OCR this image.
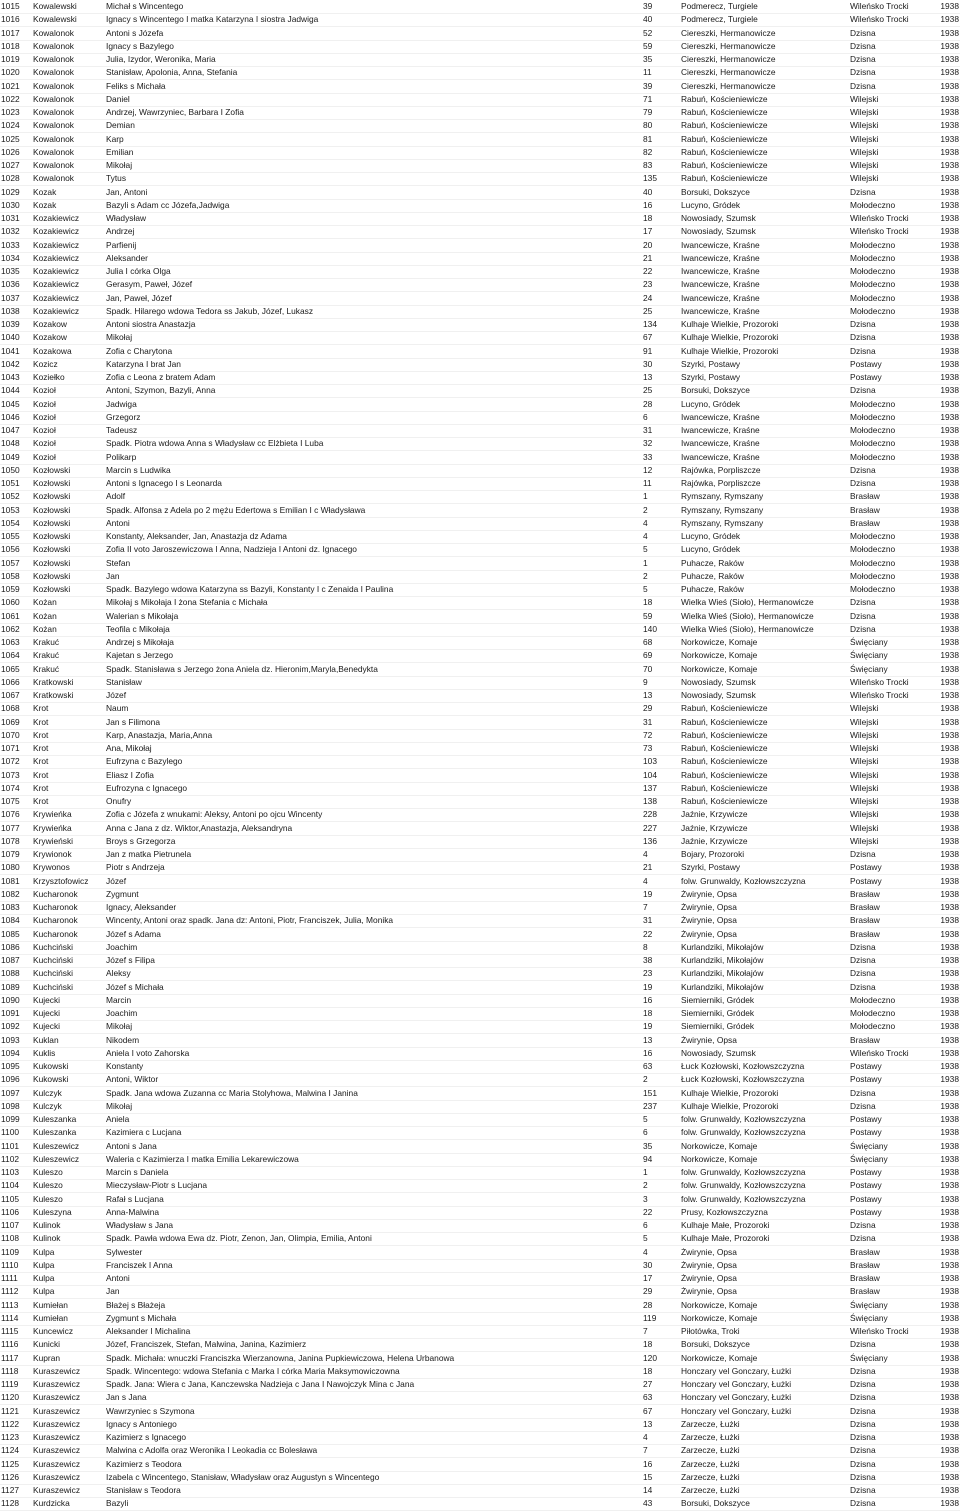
1015	Kowalewski	Michał s Wincentego	39	Podmerecz, Turgiele	Wileńsko Trocki	1938
1016	Kowalewski	Ignacy s Wincentego I matka Katarzyna I siostra Jadwiga	40	Podmerecz, Turgiele	Wileńsko Trocki	1938
1017	Kowalonok	Antoni s Józefa	52	Ciereszki, Hermanowicze	Dzisna	1938
1018	Kowalonok	Ignacy s Bazylego	59	Ciereszki, Hermanowicze	Dzisna	1938
1019	Kowalonok	Julia, Izydor, Weronika, Maria	35	Ciereszki, Hermanowicze	Dzisna	1938
1020	Kowalonok	Stanisław, Apolonia, Anna, Stefania	11	Ciereszki, Hermanowicze	Dzisna	1938
1021	Kowalonok	Feliks s Michała	39	Ciereszki, Hermanowicze	Dzisna	1938
1022	Kowalonok	Daniel	71	Rabuń, Kościeniewicze	Wilejski	1938
1023	Kowalonok	Andrzej, Wawrzyniec, Barbara I Zofia	79	Rabuń, Kościeniewicze	Wilejski	1938
1024	Kowalonok	Demian	80	Rabuń, Kościeniewicze	Wilejski	1938
1025	Kowalonok	Karp	81	Rabuń, Kościeniewicze	Wilejski	1938
1026	Kowalonok	Emilian	82	Rabuń, Kościeniewicze	Wilejski	1938
1027	Kowalonok	Mikołaj	83	Rabuń, Kościeniewicze	Wilejski	1938
1028	Kowalonok	Tytus	135	Rabuń, Kościeniewicze	Wilejski	1938
1029	Kozak	Jan, Antoni	40	Borsuki, Dokszyce	Dzisna	1938
1030	Kozak	Bazyli s Adam cc Józefa,Jadwiga	16	Lucyno, Gródek	Mołodeczno	1938
1031	Kozakiewicz	Władysław	18	Nowosiady, Szumsk	Wileńsko Trocki	1938
1032	Kozakiewicz	Andrzej	17	Nowosiady, Szumsk	Wileńsko Trocki	1938
1033	Kozakiewicz	Parfienij	20	Iwancewicze, Kraśne	Mołodeczno	1938
1034	Kozakiewicz	Aleksander	21	Iwancewicze, Kraśne	Mołodeczno	1938
1035	Kozakiewicz	Julia I córka Olga	22	Iwancewicze, Kraśne	Mołodeczno	1938
1036	Kozakiewicz	Gerasym, Paweł, Józef	23	Iwancewicze, Kraśne	Mołodeczno	1938
1037	Kozakiewicz	Jan, Paweł, Józef	24	Iwancewicze, Kraśne	Mołodeczno	1938
1038	Kozakiewicz	Spadk. Hilarego wdowa Tedora ss Jakub, Józef, Lukasz	25	Iwancewicze, Kraśne	Mołodeczno	1938
1039	Kozakow	Antoni siostra Anastazja	134	Kulhaje Wielkie, Prozoroki	Dzisna	1938
1040	Kozakow	Mikołaj	67	Kulhaje Wielkie, Prozoroki	Dzisna	1938
1041	Kozakowa	Zofia c Charytona	91	Kulhaje Wielkie, Prozoroki	Dzisna	1938
1042	Kozicz	Katarzyna I brat Jan	30	Szyrki, Postawy	Postawy	1938
1043	Koziełko	Zofia c Leona z bratem Adam	13	Szyrki, Postawy	Postawy	1938
1044	Kozioł	Antoni, Szymon, Bazyli, Anna	25	Borsuki, Dokszyce	Dzisna	1938
1045	Kozioł	Jadwiga	28	Lucyno, Gródek	Mołodeczno	1938
1046	Kozioł	Grzegorz	6	Iwancewicze, Kraśne	Mołodeczno	1938
1047	Kozioł	Tadeusz	31	Iwancewicze, Kraśne	Mołodeczno	1938
1048	Kozioł	Spadk. Piotra wdowa Anna s Władysław cc Elżbieta I Luba	32	Iwancewicze, Kraśne	Mołodeczno	1938
1049	Kozioł	Polikarp	33	Iwancewicze, Kraśne	Mołodeczno	1938
1050	Kozłowski	Marcin s Ludwika	12	Rajówka, Porpliszcze	Dzisna	1938
1051	Kozłowski	Antoni s Ignacego I s Leonarda	11	Rajówka, Porpliszcze	Dzisna	1938
1052	Kozłowski	Adolf	1	Rymszany, Rymszany	Brasław	1938
1053	Kozłowski	Spadk. Alfonsa z Adela po 2 mężu Edertowa s Emilian I c Władysława	2	Rymszany, Rymszany	Brasław	1938
1054	Kozłowski	Antoni	4	Rymszany, Rymszany	Brasław	1938
1055	Kozłowski	Konstanty, Aleksander, Jan, Anastazja dz Adama	4	Lucyno, Gródek	Mołodeczno	1938
1056	Kozłowski	Zofia II voto Jaroszewiczowa I Anna, Nadzieja I Antoni dz. Ignacego	5	Lucyno, Gródek	Mołodeczno	1938
1057	Kozłowski	Stefan	1	Puhacze, Raków	Mołodeczno	1938
1058	Kozłowski	Jan	2	Puhacze, Raków	Mołodeczno	1938
1059	Kozłowski	Spadk. Bazylego wdowa Katarzyna ss Bazyli, Konstanty I c Zenaida I Paulina	5	Puhacze, Raków	Mołodeczno	1938
1060	Kożan	Mikołaj s Mikołaja I żona Stefania c Michała	18	Wielka Wieś (Sioło), Hermanowicze	Dzisna	1938
1061	Kożan	Walerian s Mikołaja	59	Wielka Wieś (Sioło), Hermanowicze	Dzisna	1938
1062	Kożan	Teofila c Mikołaja	140	Wielka Wieś (Sioło), Hermanowicze	Dzisna	1938
1063	Krakuć	Andrzej s Mikołaja	68	Norkowicze, Komaje	Święciany	1938
1064	Krakuć	Kajetan s Jerzego	69	Norkowicze, Komaje	Święciany	1938
1065	Krakuć	Spadk. Stanisława s Jerzego żona Aniela dz. Hieronim,Maryla,Benedykta	70	Norkowicze, Komaje	Święciany	1938
1066	Kratkowski	Stanisław	9	Nowosiady, Szumsk	Wileńsko Trocki	1938
1067	Kratkowski	Józef	13	Nowosiady, Szumsk	Wileńsko Trocki	1938
1068	Krot	Naum	29	Rabuń, Kościeniewicze	Wilejski	1938
1069	Krot	Jan s Filimona	31	Rabuń, Kościeniewicze	Wilejski	1938
1070	Krot	Karp, Anastazja, Maria,Anna	72	Rabuń, Kościeniewicze	Wilejski	1938
1071	Krot	Ana, Mikołaj	73	Rabuń, Kościeniewicze	Wilejski	1938
1072	Krot	Eufrzyna c Bazylego	103	Rabuń, Kościeniewicze	Wilejski	1938
1073	Krot	Eliasz I Zofia	104	Rabuń, Kościeniewicze	Wilejski	1938
1074	Krot	Eufrozyna c Ignacego	137	Rabuń, Kościeniewicze	Wilejski	1938
1075	Krot	Onufry	138	Rabuń, Kościeniewicze	Wilejski	1938
1076	Krywieńka	Zofia c Józefa z wnukami: Aleksy, Antoni po ojcu Wincenty	228	Jaźnie, Krzywicze	Wilejski	1938
1077	Krywieńka	Anna c Jana z dz. Wiktor,Anastazja, Aleksandryna	227	Jaźnie, Krzywicze	Wilejski	1938
1078	Krywieński	Broys s Grzegorza	136	Jaźnie, Krzywicze	Wilejski	1938
1079	Krywionok	Jan z matka Pietrunela	4	Bojary, Prozoroki	Dzisna	1938
1080	Krywonos	Piotr s Andrzeja	21	Szyrki, Postawy	Postawy	1938
1081	Krzysztofowicz	Józef	4	folw. Grunwaldy, Kozłowszczyzna	Postawy	1938
1082	Kucharonok	Zygmunt	19	Żwirynie, Opsa	Brasław	1938
1083	Kucharonok	Ignacy, Aleksander	7	Żwirynie, Opsa	Brasław	1938
1084	Kucharonok	Wincenty, Antoni oraz spadk. Jana dz: Antoni, Piotr, Franciszek, Julia, Monika	31	Żwirynie, Opsa	Brasław	1938
1085	Kucharonok	Józef s Adama	22	Żwirynie, Opsa	Brasław	1938
1086	Kuchciński	Joachim	8	Kurlandziki, Mikołajów	Dzisna	1938
1087	Kuchciński	Józef s Filipa	38	Kurlandziki, Mikołajów	Dzisna	1938
1088	Kuchciński	Aleksy	23	Kurlandziki, Mikołajów	Dzisna	1938
1089	Kuchciński	Józef s Michała	19	Kurlandziki, Mikołajów	Dzisna	1938
1090	Kujecki	Marcin	16	Siemierniki, Gródek	Mołodeczno	1938
1091	Kujecki	Joachim	18	Siemierniki, Gródek	Mołodeczno	1938
1092	Kujecki	Mikołaj	19	Siemierniki, Gródek	Mołodeczno	1938
1093	Kuklan	Nikodem	13	Żwirynie, Opsa	Brasław	1938
1094	Kuklis	Aniela I voto Zahorska	16	Nowosiady, Szumsk	Wileńsko Trocki	1938
1095	Kukowski	Konstanty	63	Łuck Kozłowski, Kozłowszczyzna	Postawy	1938
1096	Kukowski	Antoni, Wiktor	2	Łuck Kozłowski, Kozłowszczyzna	Postawy	1938
1097	Kulczyk	Spadk. Jana wdowa Zuzanna cc Maria Stolyhowa, Malwina I Janina	151	Kulhaje Wielkie, Prozoroki	Dzisna	1938
1098	Kulczyk	Mikołaj	237	Kulhaje Wielkie, Prozoroki	Dzisna	1938
1099	Kuleszanka	Aniela	5	folw. Grunwaldy, Kozłowszczyzna	Postawy	1938
1100	Kuleszanka	Kazimiera c Lucjana	6	folw. Grunwaldy, Kozłowszczyzna	Postawy	1938
1101	Kuleszewicz	Antoni s Jana	35	Norkowicze, Komaje	Święciany	1938
1102	Kuleszewicz	Waleria c Kazimierza I matka Emilia Lekarewiczowa	94	Norkowicze, Komaje	Święciany	1938
1103	Kuleszo	Marcin s Daniela	1	folw. Grunwaldy, Kozłowszczyzna	Postawy	1938
1104	Kuleszo	Mieczysław-Piotr s Lucjana	2	folw. Grunwaldy, Kozłowszczyzna	Postawy	1938
1105	Kuleszo	Rafał s Lucjana	3	folw. Grunwaldy, Kozłowszczyzna	Postawy	1938
1106	Kuleszyna	Anna-Malwina	22	Prusy, Kozłowszczyzna	Postawy	1938
1107	Kulinok	Władysław s Jana	6	Kulhaje Małe, Prozoroki	Dzisna	1938
1108	Kulinok	Spadk. Pawła wdowa Ewa dz. Piotr, Zenon, Jan, Olimpia, Emilia, Antoni	5	Kulhaje Małe, Prozoroki	Dzisna	1938
1109	Kulpa	Sylwester	4	Żwirynie, Opsa	Brasław	1938
1110	Kulpa	Franciszek I Anna	30	Żwirynie, Opsa	Brasław	1938
1111	Kulpa	Antoni	17	Żwirynie, Opsa	Brasław	1938
1112	Kulpa	Jan	29	Żwirynie, Opsa	Brasław	1938
1113	Kumiełan	Błażej s Błażeja	28	Norkowicze, Komaje	Święciany	1938
1114	Kumiełan	Zygmunt s Michała	119	Norkowicze, Komaje	Święciany	1938
1115	Kuncewicz	Aleksander I Michalina	7	Piłotówka, Troki	Wileńsko Trocki	1938
1116	Kunicki	Józef, Franciszek, Stefan, Malwina, Janina, Kazimierz	18	Borsuki, Dokszyce	Dzisna	1938
1117	Kupran	Spadk. Michała: wnuczki Franciszka Wierzanowna, Janina Pupkiewiczowa, Helena Urbanowa	120	Norkowicze, Komaje	Święciany	1938
1118	Kuraszewicz	Spadk. Wincentego: wdowa Stefania c Marka I córka Maria Maksymowiczowna	18	Honczary vel Gonczary, Łużki	Dzisna	1938
1119	Kuraszewicz	Spadk. Jana: Wiera c Jana, Kanczewska Nadzieja c Jana I Nawojczyk Mina c Jana	27	Honczary vel Gonczary, Łużki	Dzisna	1938
1120	Kuraszewicz	Jan s Jana	63	Honczary vel Gonczary, Łużki	Dzisna	1938
1121	Kuraszewicz	Wawrzyniec s Szymona	67	Honczary vel Gonczary, Łużki	Dzisna	1938
1122	Kuraszewicz	Ignacy s Antoniego	13	Zarzecze, Łużki	Dzisna	1938
1123	Kuraszewicz	Kazimierz s Ignacego	4	Zarzecze, Łużki	Dzisna	1938
1124	Kuraszewicz	Malwina c Adolfa oraz Weronika I Leokadia cc Bolesława	7	Zarzecze, Łużki	Dzisna	1938
1125	Kuraszewicz	Kazimierz s Teodora	16	Zarzecze, Łużki	Dzisna	1938
1126	Kuraszewicz	Izabela c Wincentego, Stanisław, Władysław oraz Augustyn s Wincentego	15	Zarzecze, Łużki	Dzisna	1938
1127	Kuraszewicz	Stanisław s Teodora	14	Zarzecze, Łużki	Dzisna	1938
1128	Kurdzicka	Bazyli	43	Borsuki, Dokszyce	Dzisna	1938
